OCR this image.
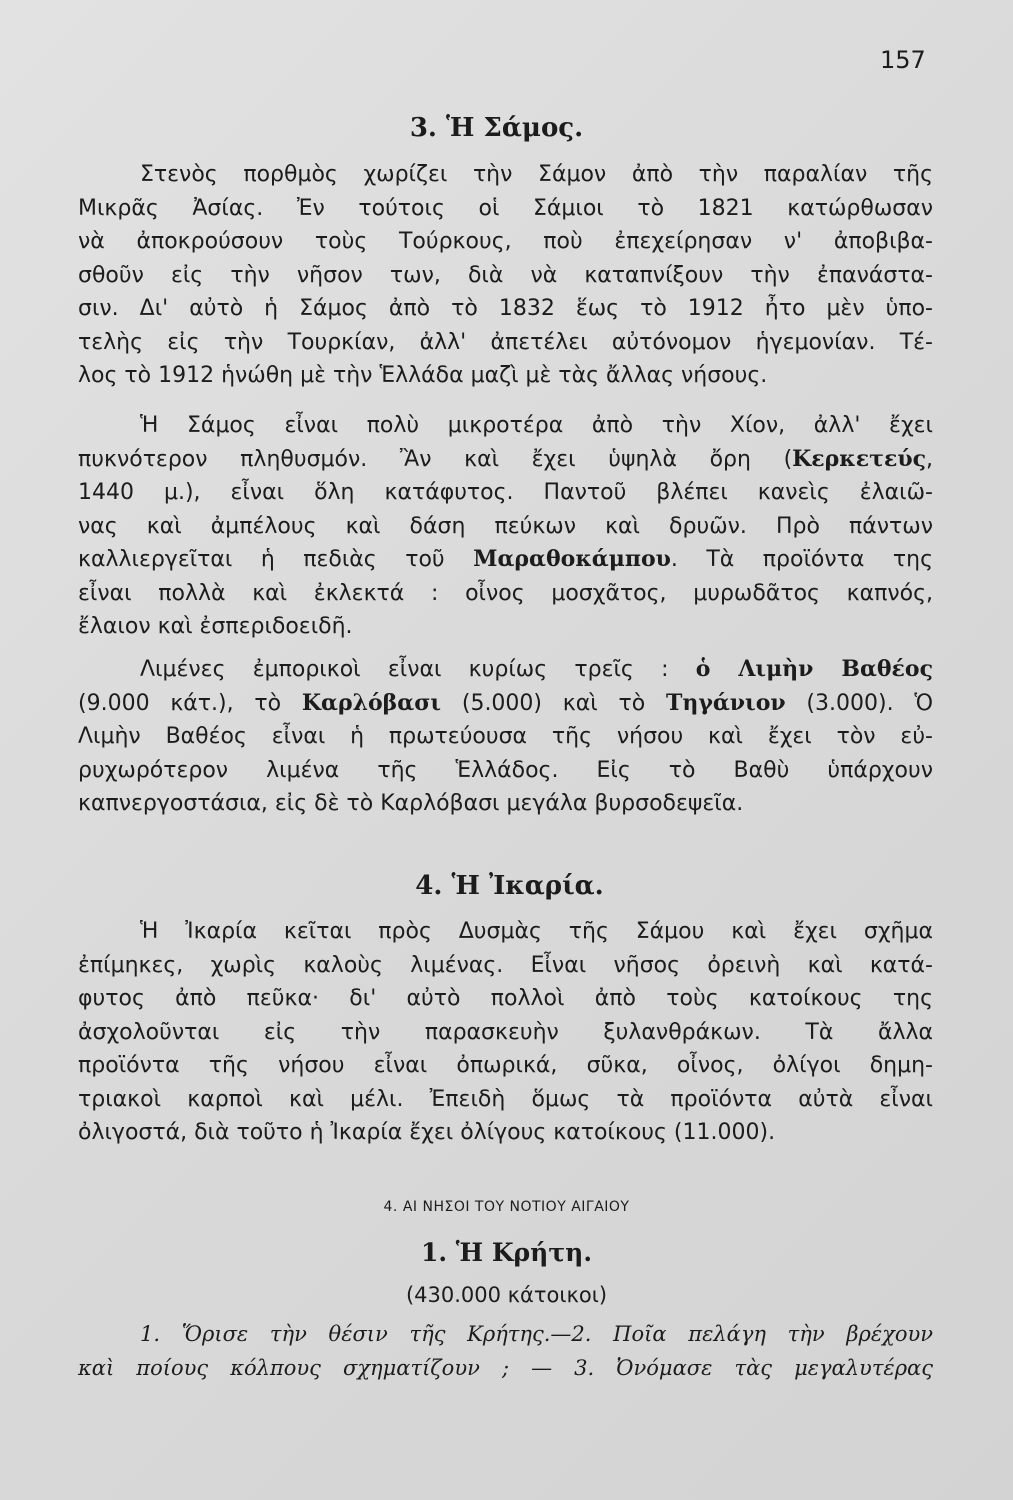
157
3. Ἡ Σάμος.
Στενὸς πορθμὸς χωρίζει τὴν Σάμον ἀπὸ τὴν παραλίαν τῆς
Μικρᾶς Ἀσίας. Ἐν τούτοις οἱ Σάμιοι τὸ 1821 κατώρθωσαν
νὰ ἀποκρούσουν τοὺς Τούρκους, ποὺ ἐπεχείρησαν ν' ἀποβιβα-
σθοῦν εἰς τὴν νῆσον των, διὰ νὰ καταπνίξουν τὴν ἐπανάστα-
σιν. Δι' αὐτὸ ἡ Σάμος ἀπὸ τὸ 1832 ἕως τὸ 1912 ἦτο μὲν ὑπο-
τελὴς εἰς τὴν Τουρκίαν, ἀλλ' ἀπετέλει αὐτόνομον ἡγεμονίαν. Τέ-
λος τὸ 1912 ἡνώθη μὲ τὴν Ἑλλάδα μαζὶ μὲ τὰς ἄλλας νήσους.
Ἡ Σάμος εἶναι πολὺ μικροτέρα ἀπὸ τὴν Χίον, ἀλλ' ἔχει
πυκνότερον πληθυσμόν. Ἂν καὶ ἔχει ὑψηλὰ ὄρη (Κερκετεύς,
1440 μ.), εἶναι ὅλη κατάφυτος. Παντοῦ βλέπει κανεὶς ἐλαιῶ-
νας καὶ ἀμπέλους καὶ δάση πεύκων καὶ δρυῶν. Πρὸ πάντων
καλλιεργεῖται ἡ πεδιὰς τοῦ Μαραθοκάμπου. Τὰ προϊόντα της
εἶναι πολλὰ καὶ ἐκλεκτά : οἶνος μοσχᾶτος, μυρωδᾶτος καπνός,
ἔλαιον καὶ ἐσπεριδοειδῆ.
Λιμένες ἐμπορικοὶ εἶναι κυρίως τρεῖς : ὁ Λιμὴν Βαθέος
(9.000 κάτ.), τὸ Καρλόβασι (5.000) καὶ τὸ Τηγάνιον (3.000). Ὁ
Λιμὴν Βαθέος εἶναι ἡ πρωτεύουσα τῆς νήσου καὶ ἔχει τὸν εὐ-
ρυχωρότερον λιμένα τῆς Ἑλλάδος. Εἰς τὸ Βαθὺ ὑπάρχουν
καπνεργοστάσια, εἰς δὲ τὸ Καρλόβασι μεγάλα βυρσοδεψεῖα.
4. Ἡ Ἰκαρία.
Ἡ Ἰκαρία κεῖται πρὸς Δυσμὰς τῆς Σάμου καὶ ἔχει σχῆμα
ἐπίμηκες, χωρὶς καλοὺς λιμένας. Εἶναι νῆσος ὀρεινὴ καὶ κατά-
φυτος ἀπὸ πεῦκα· δι' αὐτὸ πολλοὶ ἀπὸ τοὺς κατοίκους της
ἀσχολοῦνται εἰς τὴν παρασκευὴν ξυλανθράκων. Τὰ ἄλλα
προϊόντα τῆς νήσου εἶναι ὀπωρικά, σῦκα, οἶνος, ὀλίγοι δημη-
τριακοὶ καρποὶ καὶ μέλι. Ἐπειδὴ ὅμως τὰ προϊόντα αὐτὰ εἶναι
ὀλιγοστά, διὰ τοῦτο ἡ Ἰκαρία ἔχει ὀλίγους κατοίκους (11.000).
4. ΑΙ ΝΗΣΟΙ ΤΟΥ ΝΟΤΙΟΥ ΑΙΓΑΙΟΥ
1. Ἡ Κρήτη.
(430.000 κάτοικοι)
1. Ὅρισε τὴν θέσιν τῆς Κρήτης.—2. Ποῖα πελάγη τὴν βρέχουν
καὶ ποίους κόλπους σχηματίζουν ; — 3. Ὀνόμασε τὰς μεγαλυτέρας
